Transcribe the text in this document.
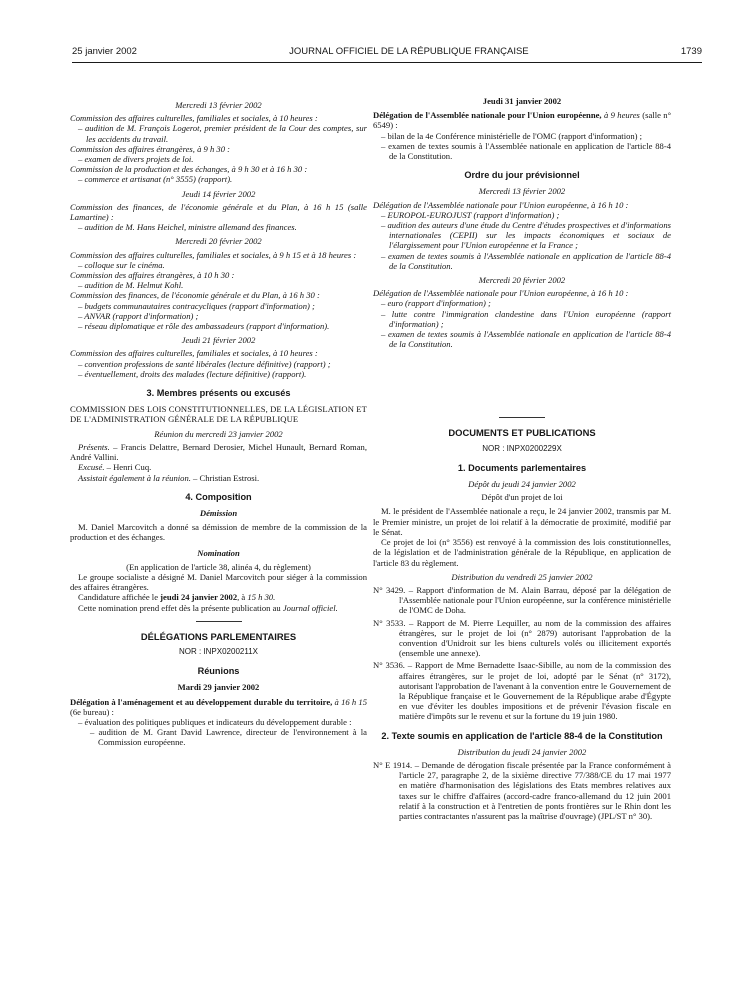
25 janvier 2002	JOURNAL OFFICIEL DE LA RÉPUBLIQUE FRANÇAISE	1739
Mercredi 13 février 2002
Commission des affaires culturelles, familiales et sociales, à 10 heures :
– audition de M. François Logerot, premier président de la Cour des comptes, sur les accidents du travail.
Commission des affaires étrangères, à 9 h 30 :
– examen de divers projets de loi.
Commission de la production et des échanges, à 9 h 30 et à 16 h 30 :
– commerce et artisanat (n° 3555) (rapport).
Jeudi 14 février 2002
Commission des finances, de l'économie générale et du Plan, à 16 h 15 (salle Lamartine) :
– audition de M. Hans Heichel, ministre allemand des finances.
Mercredi 20 février 2002
Commission des affaires culturelles, familiales et sociales, à 9 h 15 et à 18 heures :
– colloque sur le cinéma.
Commission des affaires étrangères, à 10 h 30 :
– audition de M. Helmut Kohl.
Commission des finances, de l'économie générale et du Plan, à 16 h 30 :
– budgets communautaires contracycliques (rapport d'information) ;
– ANVAR (rapport d'information) ;
– réseau diplomatique et rôle des ambassadeurs (rapport d'information).
Jeudi 21 février 2002
Commission des affaires culturelles, familiales et sociales, à 10 heures :
– convention professions de santé libérales (lecture définitive) (rapport) ;
– éventuellement, droits des malades (lecture définitive) (rapport).
3. Membres présents ou excusés
COMMISSION DES LOIS CONSTITUTIONNELLES, DE LA LÉGISLATION ET DE L'ADMINISTRATION GÉNÉRALE DE LA RÉPUBLIQUE
Réunion du mercredi 23 janvier 2002
Présents. – Francis Delattre, Bernard Derosier, Michel Hunault, Bernard Roman, André Vallini.
Excusé. – Henri Cuq.
Assistait également à la réunion. – Christian Estrosi.
4. Composition
Démission
M. Daniel Marcovitch a donné sa démission de membre de la commission de la production et des échanges.
Nomination
(En application de l'article 38, alinéa 4, du règlement)
Le groupe socialiste a désigné M. Daniel Marcovitch pour siéger à la commission des affaires étrangères.
Candidature affichée le jeudi 24 janvier 2002, à 15 h 30.
Cette nomination prend effet dès la présente publication au Journal officiel.
DÉLÉGATIONS PARLEMENTAIRES
NOR : INPX0200211X
Réunions
Mardi 29 janvier 2002
Délégation à l'aménagement et au développement durable du territoire, à 16 h 15 (6e bureau) :
– évaluation des politiques publiques et indicateurs du développement durable :
– audition de M. Grant David Lawrence, directeur de l'environnement à la Commission européenne.
Jeudi 31 janvier 2002
Délégation de l'Assemblée nationale pour l'Union européenne, à 9 heures (salle n° 6549) :
– bilan de la 4e Conférence ministérielle de l'OMC (rapport d'information) ;
– examen de textes soumis à l'Assemblée nationale en application de l'article 88-4 de la Constitution.
Ordre du jour prévisionnel
Mercredi 13 février 2002
Délégation de l'Assemblée nationale pour l'Union européenne, à 16 h 10 :
– EUROPOL-EUROJUST (rapport d'information) ;
– audition des auteurs d'une étude du Centre d'études prospectives et d'informations internationales (CEPII) sur les impacts économiques et sociaux de l'élargissement pour l'Union européenne et la France ;
– examen de textes soumis à l'Assemblée nationale en application de l'article 88-4 de la Constitution.
Mercredi 20 février 2002
Délégation de l'Assemblée nationale pour l'Union européenne, à 16 h 10 :
– euro (rapport d'information) ;
– lutte contre l'immigration clandestine dans l'Union européenne (rapport d'information) ;
– examen de textes soumis à l'Assemblée nationale en application de l'article 88-4 de la Constitution.
DOCUMENTS ET PUBLICATIONS
NOR : INPX0200229X
1. Documents parlementaires
Dépôt du jeudi 24 janvier 2002
Dépôt d'un projet de loi
M. le président de l'Assemblée nationale a reçu, le 24 janvier 2002, transmis par M. le Premier ministre, un projet de loi relatif à la démocratie de proximité, modifié par le Sénat.
Ce projet de loi (n° 3556) est renvoyé à la commission des lois constitutionnelles, de la législation et de l'administration générale de la République, en application de l'article 83 du règlement.
Distribution du vendredi 25 janvier 2002
N° 3429. – Rapport d'information de M. Alain Barrau, déposé par la délégation de l'Assemblée nationale pour l'Union européenne, sur la conférence ministérielle de l'OMC de Doha.
N° 3533. – Rapport de M. Pierre Lequiller, au nom de la commission des affaires étrangères, sur le projet de loi (n° 2879) autorisant l'approbation de la convention d'Unidroit sur les biens culturels volés ou illicitement exportés (ensemble une annexe).
N° 3536. – Rapport de Mme Bernadette Isaac-Sibille, au nom de la commission des affaires étrangères, sur le projet de loi, adopté par le Sénat (n° 3172), autorisant l'approbation de l'avenant à la convention entre le Gouvernement de la République française et le Gouvernement de la République arabe d'Égypte en vue d'éviter les doubles impositions et de prévenir l'évasion fiscale en matière d'impôts sur le revenu et sur la fortune du 19 juin 1980.
2. Texte soumis en application de l'article 88-4 de la Constitution
Distribution du jeudi 24 janvier 2002
N° E 1914. – Demande de dérogation fiscale présentée par la France conformément à l'article 27, paragraphe 2, de la sixième directive 77/388/CE du 17 mai 1977 en matière d'harmonisation des législations des Etats membres relatives aux taxes sur le chiffre d'affaires (accord-cadre franco-allemand du 12 juin 2001 relatif à la construction et à l'entretien de ponts frontières sur le Rhin dont les parties contractantes n'assurent pas la maîtrise d'ouvrage) (JPL/ST n° 30).
